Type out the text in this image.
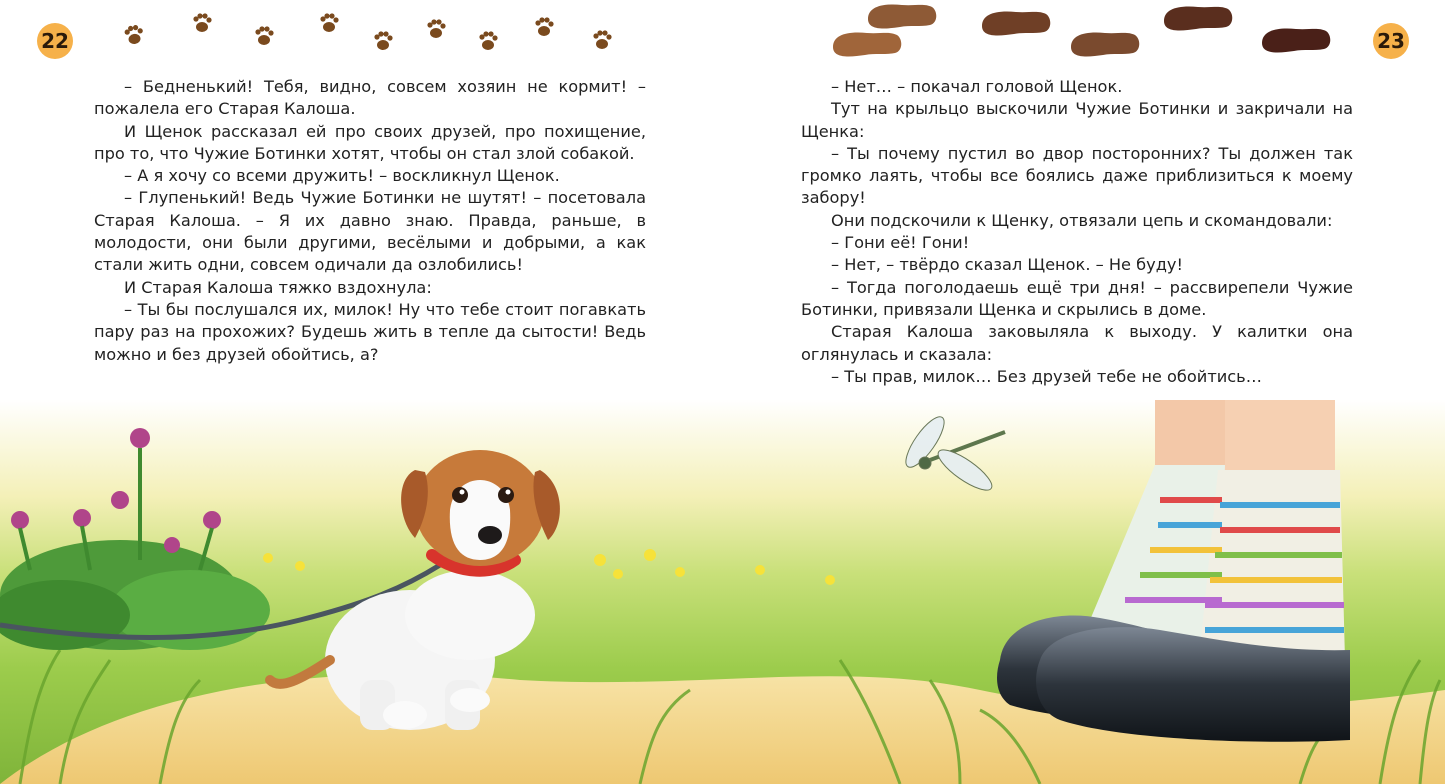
22	23

– Бедненький! Тебя, видно, совсем хозяин не кормит! – пожалела его Старая Калоша.

И Щенок рассказал ей про своих друзей, про похищение, про то, что Чужие Ботинки хотят, чтобы он стал злой собакой.

– А я хочу со всеми дружить! – воскликнул Щенок.

– Глупенький! Ведь Чужие Ботинки не шутят! – посетовала Старая Калоша. – Я их давно знаю. Правда, раньше, в молодости, они были другими, весёлыми и добрыми, а как стали жить одни, совсем одичали да озлобились!

И Старая Калоша тяжко вздохнула:

– Ты бы послушался их, милок! Ну что тебе стоит погавкать пару раз на прохожих? Будешь жить в тепле да сытости! Ведь можно и без друзей обойтись, а?

– Нет… – покачал головой Щенок.

Тут на крыльцо выскочили Чужие Ботинки и закричали на Щенка:

– Ты почему пустил во двор посторонних? Ты должен так громко лаять, чтобы все боялись даже приблизиться к моему забору!

Они подскочили к Щенку, отвязали цепь и скомандовали:

– Гони её! Гони!

– Нет, – твёрдо сказал Щенок. – Не буду!

– Тогда поголодаешь ещё три дня! – рассвирепели Чужие Ботинки, привязали Щенка и скрылись в доме.

Старая Калоша заковыляла к выходу. У калитки она оглянулась и сказала:

– Ты прав, милок… Без друзей тебе не обойтись…
